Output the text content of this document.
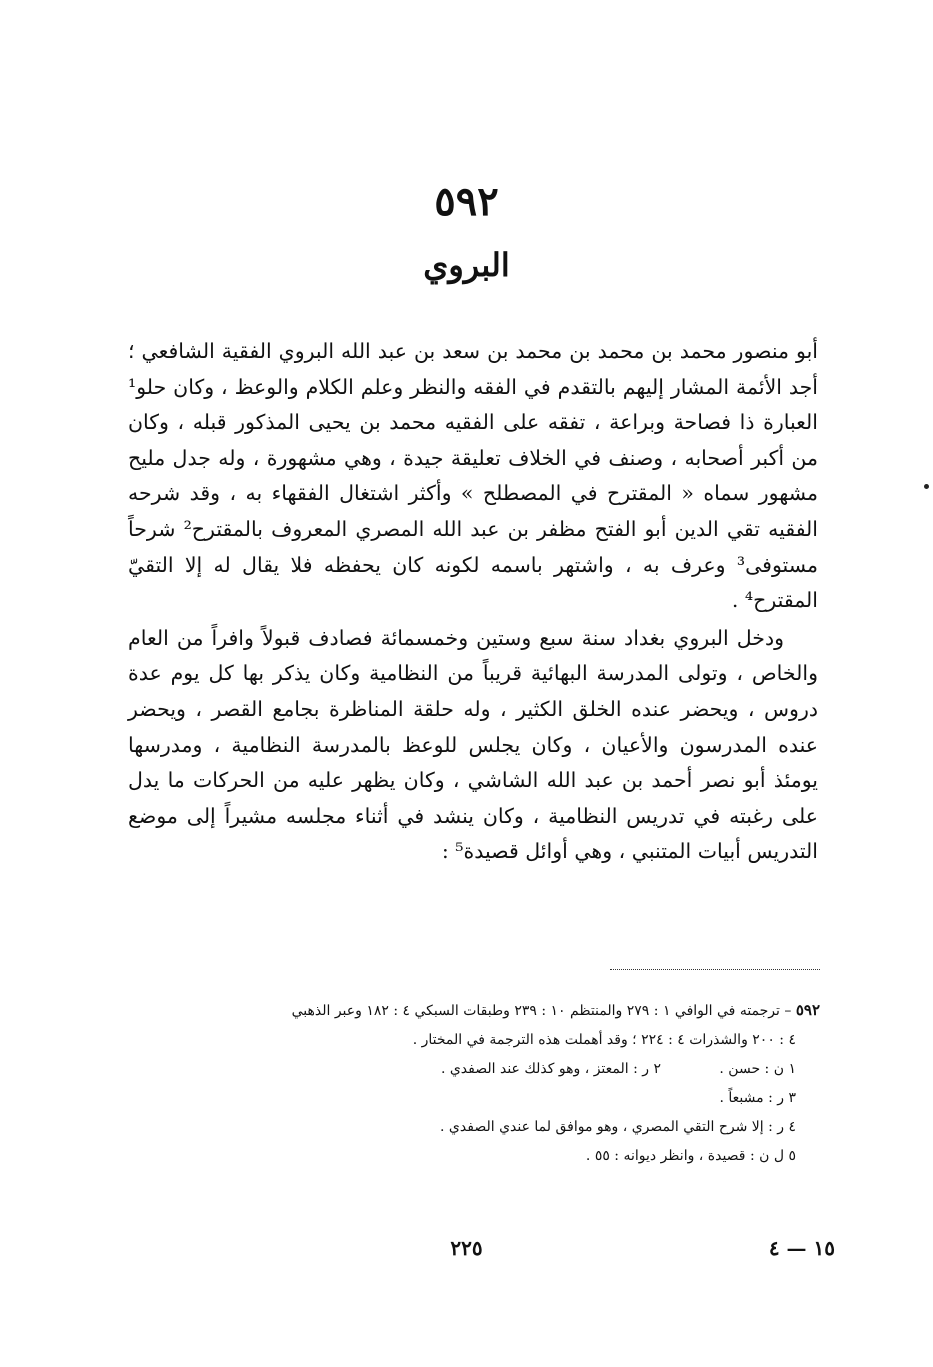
٥٩٢
البروي

أبو منصور محمد بن محمد بن محمد بن سعد بن عبد الله البروي الفقية الشافعي ؛ أجد الأئمة المشار إليهم بالتقدم في الفقه والنظر وعلم الكلام والوعظ ، وكان حلو¹ العبارة ذا فصاحة وبراعة ، تفقه على الفقيه محمد بن يحيى المذكور قبله ، وكان من أكبر أصحابه ، وصنف في الخلاف تعليقة جيدة ، وهي مشهورة ، وله جدل مليح مشهور سماه « المقترح في المصطلح » وأكثر اشتغال الفقهاء به ، وقد شرحه الفقيه تقي الدين أبو الفتح مظفر بن عبد الله المصري المعروف بالمقترح² شرحاً مستوفى³ وعرف به ، واشتهر باسمه لكونه كان يحفظه فلا يقال له إلا التقيّ المقترح⁴ .

ودخل البروي بغداد سنة سبع وستين وخمسمائة فصادف قبولاً وافراً من العام والخاص ، وتولى المدرسة البهائية قريباً من النظامية وكان يذكر بها كل يوم عدة دروس ، ويحضر عنده الخلق الكثير ، وله حلقة المناظرة بجامع القصر ، ويحضر عنده المدرسون والأعيان ، وكان يجلس للوعظ بالمدرسة النظامية ، ومدرسها يومئذ أبو نصر أحمد بن عبد الله الشاشي ، وكان يظهر عليه من الحركات ما يدل على رغبته في تدريس النظامية ، وكان ينشد في أثناء مجلسه مشيراً إلى موضع التدريس أبيات المتنبي ، وهي أوائل قصيدة⁵ :

٥٩٢ – ترجمته في الوافي ١ : ٢٧٩ والمنتظم ١٠ : ٢٣٩ وطبقات السبكي ٤ : ١٨٢ وعبر الذهبي
٤ : ٢٠٠ والشذرات ٤ : ٢٢٤ ؛ وقد أهملت هذه الترجمة في المختار .
١ ن : حسن .
٢ ر : المعتز ، وهو كذلك عند الصفدي .
٣ ر : مشبعاً .
٤ ر : إلا شرح التقي المصري ، وهو موافق لما عندي الصفدي .
٥ ل ن : قصيدة ، وانظر ديوانه : ٥٥ .
٢٢٥	١٥ — ٤
